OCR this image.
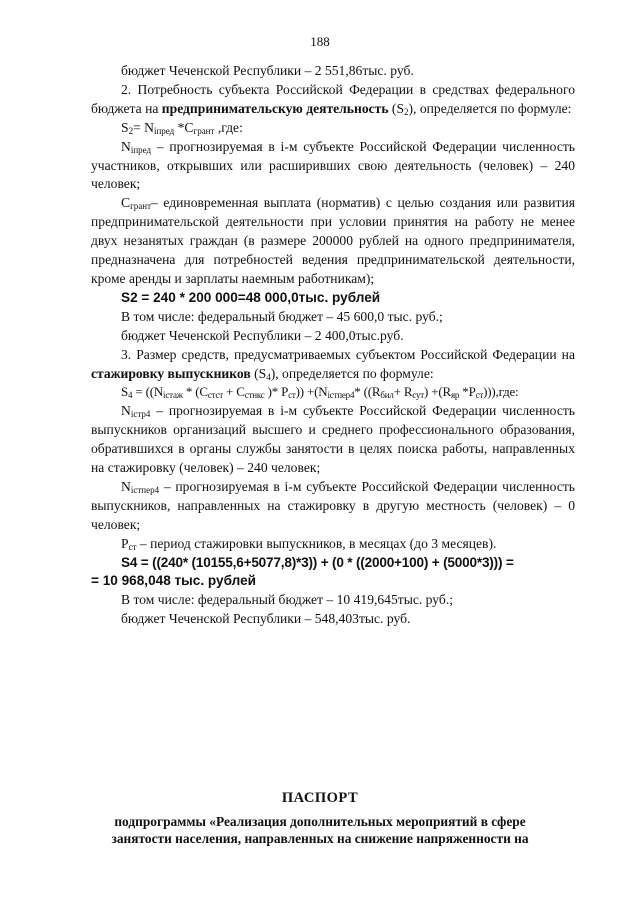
188

бюджет Чеченской Республики – 2 551,86тыс. руб.

2. Потребность субъекта Российской Федерации в средствах федерального бюджета на предпринимательскую деятельность $(S_2)$, определяется по формуле:

$S_2= N_{iпред}$ $*C_{грант}$ ,где:

$N_{iпред}$ – прогнозируемая в i-м субъекте Российской Федерации численность участников, открывших или расширивших свою деятельность (человек) – 240 человек;

$C_{грант}-$ единовременная выплата (норматив) с целью создания или развития предпринимательской деятельности при условии принятия на работу не менее двух незанятых граждан (в размере 200000 рублей на одного предпринимателя, предназначена для потребностей ведения предпринимательской деятельности, кроме аренды и зарплаты наемным работникам);

S2 = 240 * 200 000=48 000,0тыс. рублей

В том числе: федеральный бюджет – 45 600,0 тыс. руб.;

бюджет Чеченской Республики – 2 400,0тыс.руб.

3. Размер средств, предусматриваемых субъектом Российской Федерации на стажировку выпускников $(S_4)$, определяется по формуле:

$S_4 = ((N_{iстаж} * (C_{стст} + C_{стнкс}$ )* $P_{ст})) +(N_{iстпер4}*$ ($(R_{бил}+ R_{сут}) +(R_{яр}$ $*P_{ст}))),где$:

$N_{iстр4}$ – прогнозируемая в i-м субъекте Российской Федерации численность выпускников организаций высшего и среднего профессионального образования, обратившихся в органы службы занятости в целях поиска работы, направленных на стажировку (человек) – 240 человек;

$N_{iстпер4}$ – прогнозируемая в i-м субъекте Российской Федерации численность выпускников, направленных на стажировку в другую местность (человек) – 0 человек;

$P_{ст}$ – период стажировки выпускников, в месяцах (до 3 месяцев).

S4 = ((240* (10155,6+5077,8)*3)) + (0 * ((2000+100) + (5000*3))) =

= 10 968,048 тыс. рублей

В том числе: федеральный бюджет – 10 419,645тыс. руб.;

бюджет Чеченской Республики – 548,403тыс. руб.

ПАСПОРТ
подпрограммы «Реализация дополнительных мероприятий в сфере
занятости населения, направленных на снижение напряженности на
